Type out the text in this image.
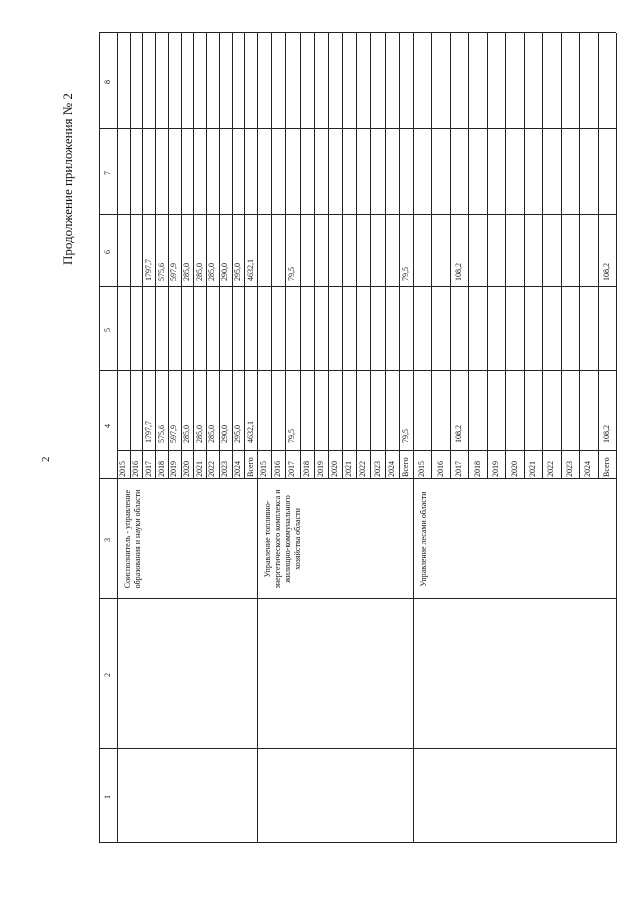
2
Продолжение приложения № 2
1
2
3
4
5
6
7
8
2015 2016 2017
1797,7
1797,7
2018
575,6
575,6
2019
597,9
597,9
2020
285,0
285,0
2021
285,0
285,0
2022
285,0
285,0
2023
290,0
290,0
2024
295,0
295,0
Всего
4632,1
4632,1
Соисполнитель - управление образования и науки области
2015 2016 2017
79,5
79,5
2018 2019 2020 2021 2022 2023 2024 Всего
79,5
79,5
Управление топливно-энергетического комплекса и жилищно-коммунального хозяйства области
2015 2016 2017
108,2
108,2
2018 2019 2020 2021 2022 2023 2024 Всего
108,2
108,2
Управление лесами области
